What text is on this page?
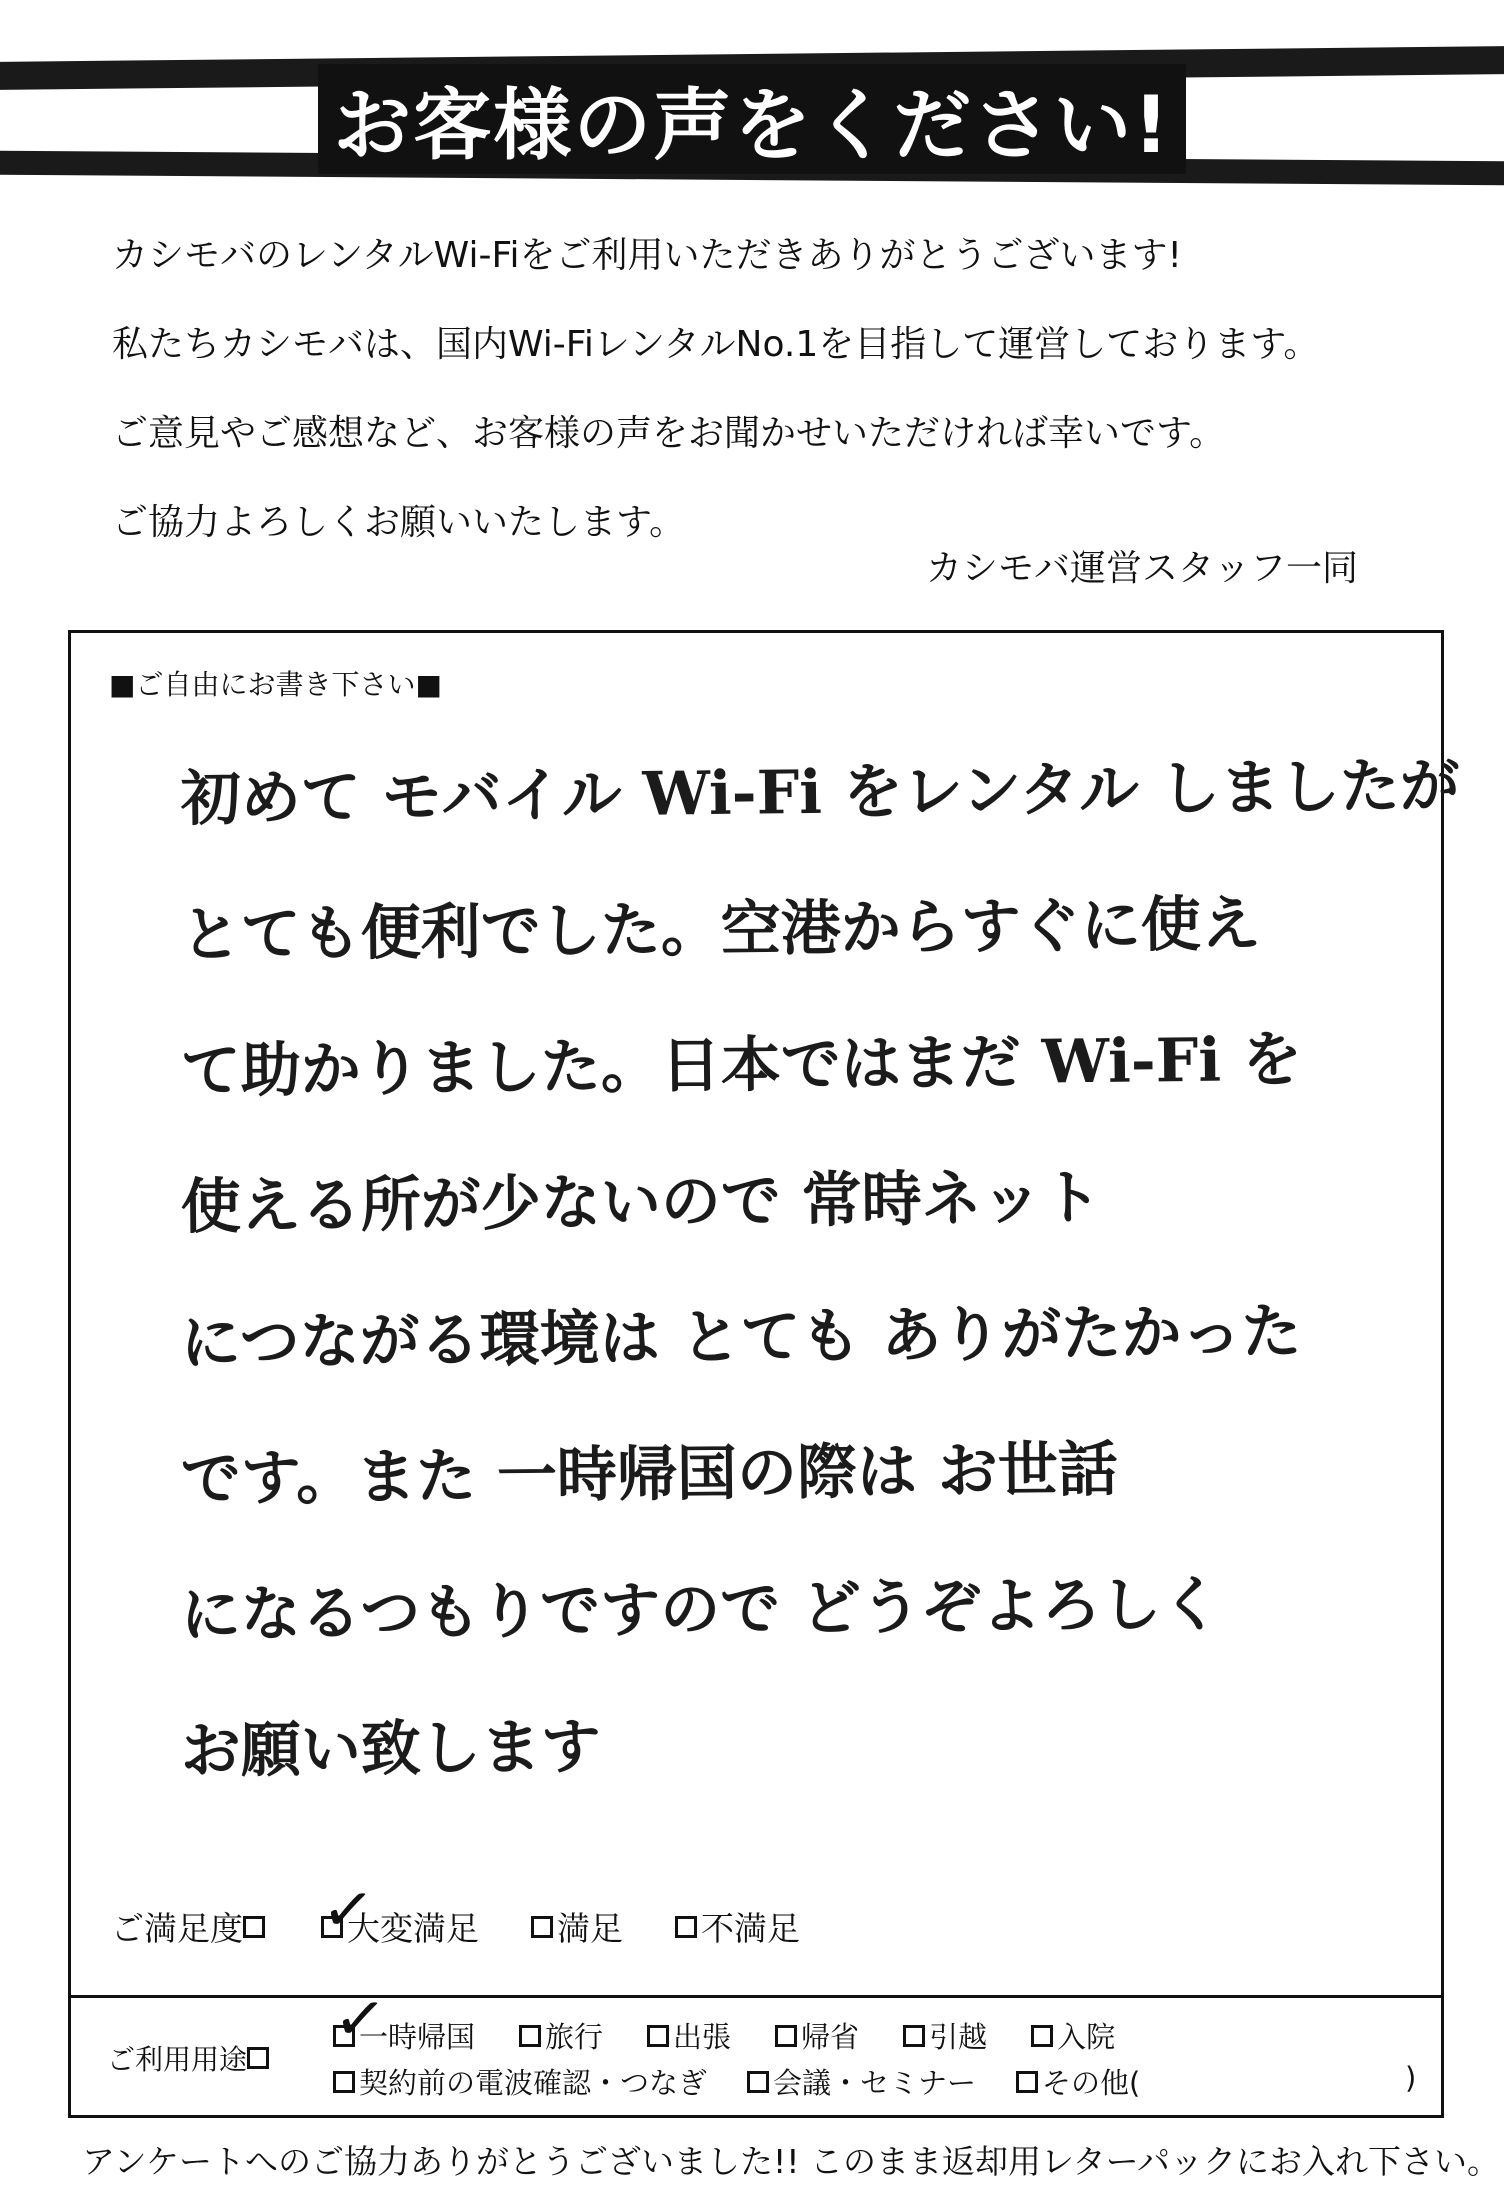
お客様の声をください!
カシモバのレンタルWi-Fiをご利用いただきありがとうございます!
私たちカシモバは、国内Wi-FiレンタルNo.1を目指して運営しております。
ご意見やご感想など、お客様の声をお聞かせいただければ幸いです。
ご協力よろしくお願いいたします。
カシモバ運営スタッフ一同
■ご自由にお書き下さい■
初めて モバイル Wi-Fi をレンタル しましたが
とても便利でした。空港からすぐに使え
て助かりました。日本ではまだ Wi-Fi を
使える所が少ないので 常時ネット
につながる環境は とても ありがたかった
です。また 一時帰国の際は お世話
になるつもりですので どうぞよろしく
お願い致します
ご満足度 ✓
大変満足 満足 不満足
ご利用用途
✓
一時帰国 旅行 出張 帰省 引越 入院
契約前の電波確認・つなぎ 会議・セミナー その他(	)
アンケートへのご協力ありがとうございました!! このまま返却用レターパックにお入れ下さい。
